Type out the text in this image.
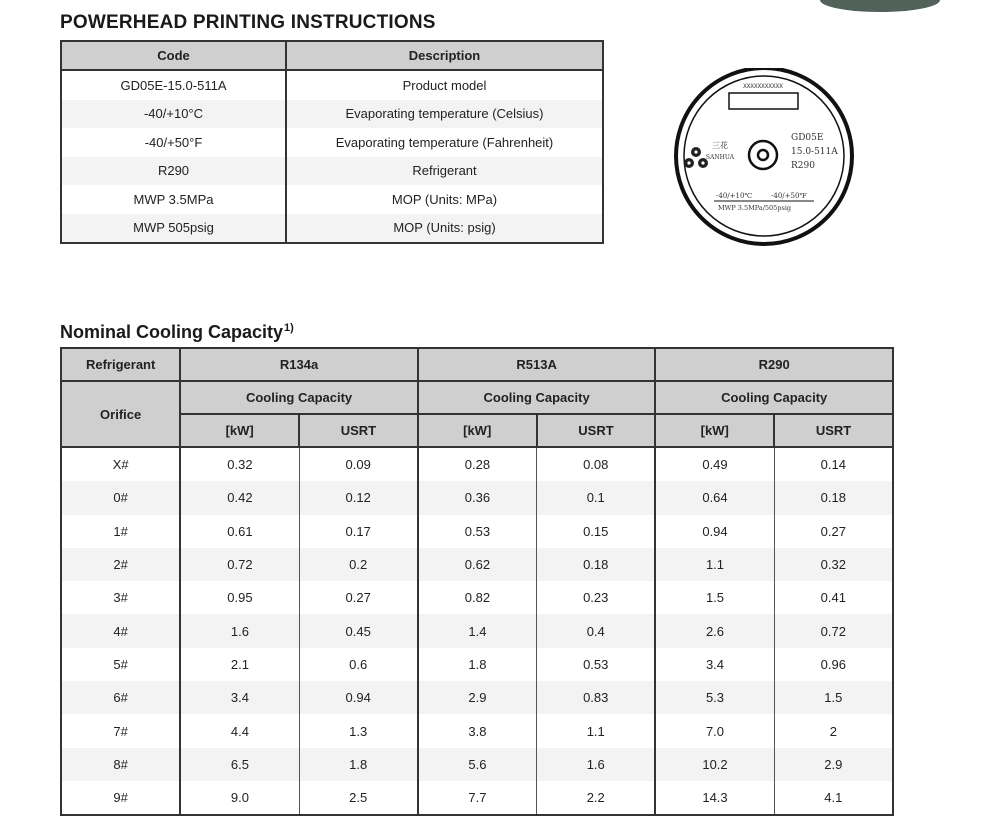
POWERHEAD PRINTING INSTRUCTIONS
Code	Description
GD05E-15.0-511A	Product model
-40/+10°C	Evaporating temperature (Celsius)
-40/+50°F	Evaporating temperature (Fahrenheit)
R290	Refrigerant
MWP 3.5MPa	MOP (Units: MPa)
MWP 505psig	MOP (Units: psig)
XXXXXXXXXXX
三花
SANHUA
GD05E
15.0-511A
R290
-40/+10℃	-40/+50℉
MWP 3.5MPa/505psig
Nominal Cooling Capacity$^{1)}$
Refrigerant	R134a		R513A		R290	
Orifice	Cooling Capacity		Cooling Capacity		Cooling Capacity	
	[kW]	USRT	[kW]	USRT	[kW]	USRT
X#	0.32	0.09	0.28	0.08	0.49	0.14
0#	0.42	0.12	0.36	0.1	0.64	0.18
1#	0.61	0.17	0.53	0.15	0.94	0.27
2#	0.72	0.2	0.62	0.18	1.1	0.32
3#	0.95	0.27	0.82	0.23	1.5	0.41
4#	1.6	0.45	1.4	0.4	2.6	0.72
5#	2.1	0.6	1.8	0.53	3.4	0.96
6#	3.4	0.94	2.9	0.83	5.3	1.5
7#	4.4	1.3	3.8	1.1	7.0	2
8#	6.5	1.8	5.6	1.6	10.2	2.9
9#	9.0	2.5	7.7	2.2	14.3	4.1
